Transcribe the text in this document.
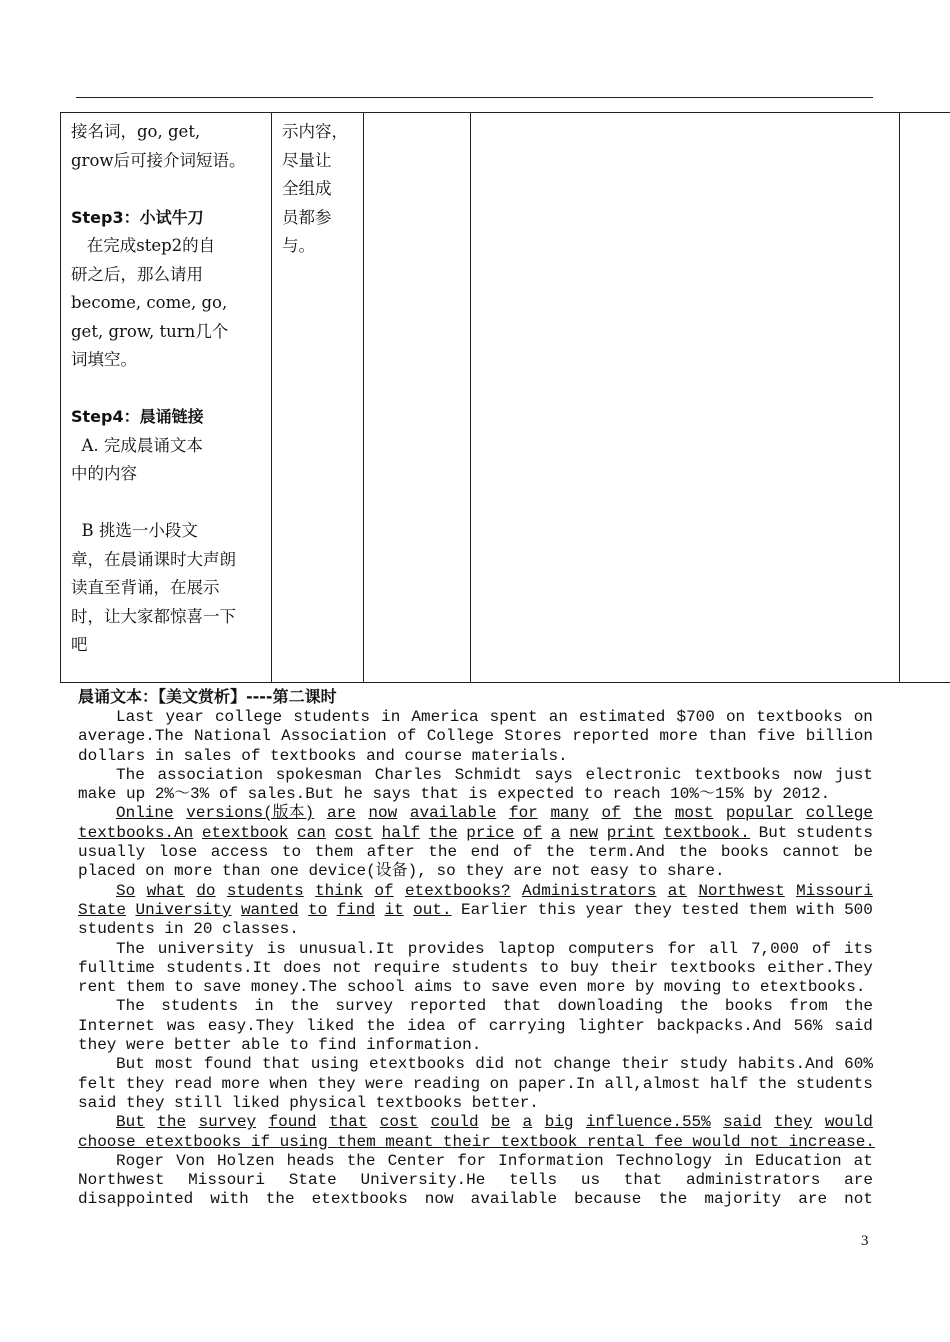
接名词，go, get,
grow后可接介词短语。
Step3：小试牛刀
在完成step2的自
研之后，那么请用
become, come, go,
get, grow, turn几个
词填空。
Step4：晨诵链接
A. 完成晨诵文本
中的内容
B 挑选一小段文
章，在晨诵课时大声朗
读直至背诵，在展示
时，让大家都惊喜一下
吧
示内容，
尽量让
全组成
员都参
与。
晨诵文本：【美文赏析】----第二课时
Last year college students in America spent an estimated $700 on textbooks on
average.The National Association of College Stores reported more than five billion
dollars in sales of textbooks and course materials.
The association spokesman Charles Schmidt says electronic textbooks now just
make up 2%～3% of sales.But he says that is expected to reach 10%～15% by 2012.
Online versions(版本) are now available for many of the most popular college
textbooks.An etextbook can cost half the price of a new print textbook. But students
usually lose access to them after the end of the term.And the books cannot be
placed on more than one device(设备), so they are not easy to share.
So what do students think of etextbooks? Administrators at Northwest Missouri
State University wanted to find it out. Earlier this year they tested them with 500
students in 20 classes.
The university is unusual.It provides laptop computers for all 7,000 of its
fulltime students.It does not require students to buy their textbooks either.They
rent them to save money.The school aims to save even more by moving to etextbooks.
The students in the survey reported that downloading the books from the
Internet was easy.They liked the idea of carrying lighter backpacks.And 56% said
they were better able to find information.
But most found that using etextbooks did not change their study habits.And 60%
felt they read more when they were reading on paper.In all,almost half the students
said they still liked physical textbooks better.
But the survey found that cost could be a big influence.55% said they would
choose etextbooks if using them meant their textbook rental fee would not increase.
Roger Von Holzen heads the Center for Information Technology in Education at
Northwest Missouri State University.He tells us that administrators are
disappointed with the etextbooks now available because the majority are not
3
